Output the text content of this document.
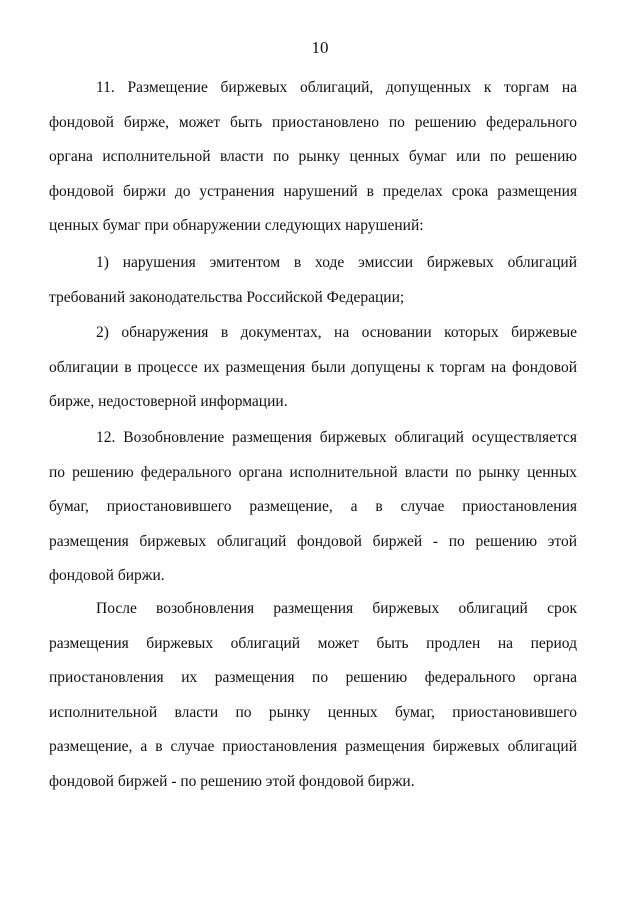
10
11. Размещение биржевых облигаций, допущенных к торгам на
фондовой бирже, может быть приостановлено по решению федерального
органа исполнительной власти по рынку ценных бумаг или по решению
фондовой биржи до устранения нарушений в пределах срока размещения
ценных бумаг при обнаружении следующих нарушений:
1) нарушения эмитентом в ходе эмиссии биржевых облигаций
требований законодательства Российской Федерации;
2) обнаружения в документах, на основании которых биржевые
облигации в процессе их размещения были допущены к торгам на фондовой
бирже, недостоверной информации.
12. Возобновление размещения биржевых облигаций осуществляется
по решению федерального органа исполнительной власти по рынку ценных
бумаг, приостановившего размещение, а в случае приостановления
размещения биржевых облигаций фондовой биржей - по решению этой
фондовой биржи.
После возобновления размещения биржевых облигаций срок
размещения биржевых облигаций может быть продлен на период
приостановления их размещения по решению федерального органа
исполнительной власти по рынку ценных бумаг, приостановившего
размещение, а в случае приостановления размещения биржевых облигаций
фондовой биржей - по решению этой фондовой биржи.
